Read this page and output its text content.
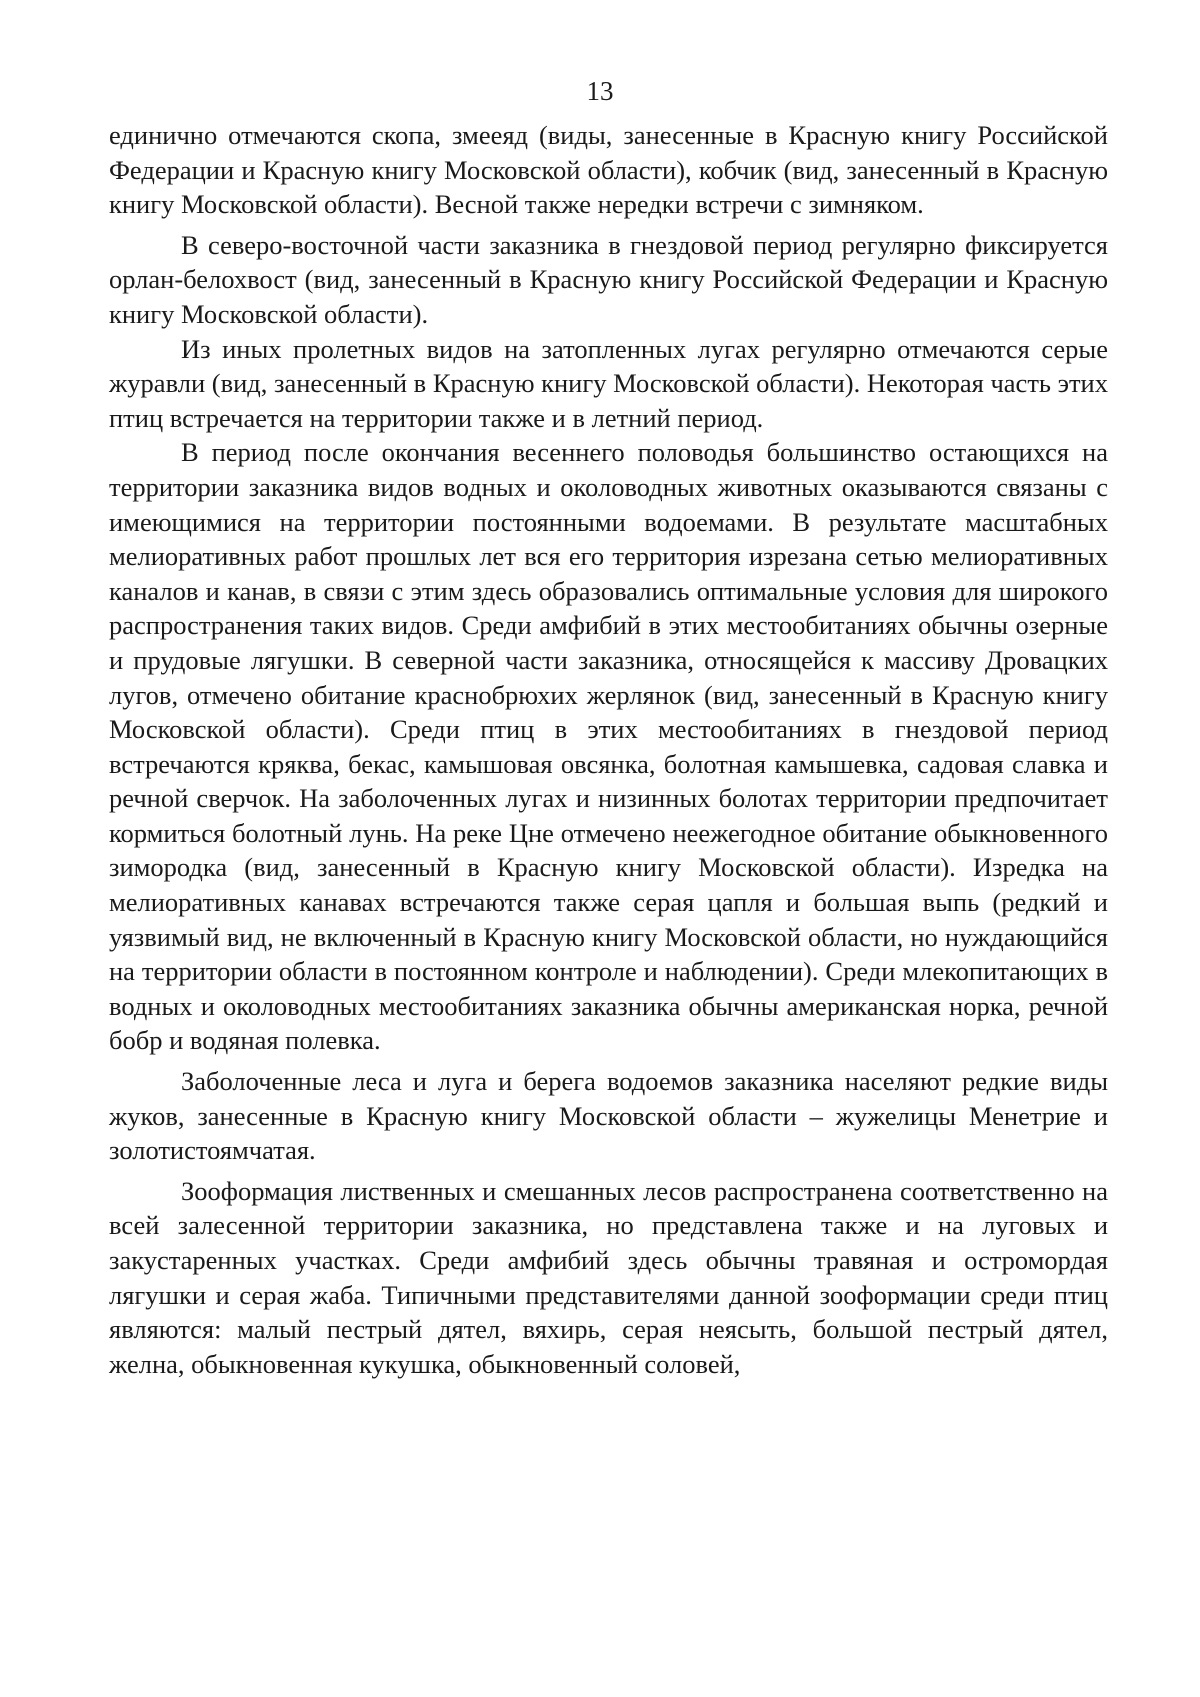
13

единично отмечаются скопа, змееяд (виды, занесенные в Красную книгу Российской Федерации и Красную книгу Московской области), кобчик (вид, занесенный в Красную книгу Московской области). Весной также нередки встречи с зимняком.

В северо-восточной части заказника в гнездовой период регулярно фиксируется орлан-белохвост (вид, занесенный в Красную книгу Российской Федерации и Красную книгу Московской области).

Из иных пролетных видов на затопленных лугах регулярно отмечаются серые журавли (вид, занесенный в Красную книгу Московской области). Некоторая часть этих птиц встречается на территории также и в летний период.

В период после окончания весеннего половодья большинство остающихся на территории заказника видов водных и околоводных животных оказываются связаны с имеющимися на территории постоянными водоемами. В результате масштабных мелиоративных работ прошлых лет вся его территория изрезана сетью мелиоративных каналов и канав, в связи с этим здесь образовались оптимальные условия для широкого распространения таких видов. Среди амфибий в этих местообитаниях обычны озерные и прудовые лягушки. В северной части заказника, относящейся к массиву Дровацких лугов, отмечено обитание краснобрюхих жерлянок (вид, занесенный в Красную книгу Московской области). Среди птиц в этих местообитаниях в гнездовой период встречаются кряква, бекас, камышовая овсянка, болотная камышевка, садовая славка и речной сверчок. На заболоченных лугах и низинных болотах территории предпочитает кормиться болотный лунь. На реке Цне отмечено неежегодное обитание обыкновенного зимородка (вид, занесенный в Красную книгу Московской области). Изредка на мелиоративных канавах встречаются также серая цапля и большая выпь (редкий и уязвимый вид, не включенный в Красную книгу Московской области, но нуждающийся на территории области в постоянном контроле и наблюдении). Среди млекопитающих в водных и околоводных местообитаниях заказника обычны американская норка, речной бобр и водяная полевка.

Заболоченные леса и луга и берега водоемов заказника населяют редкие виды жуков, занесенные в Красную книгу Московской области – жужелицы Менетрие и золотистоямчатая.

Зооформация лиственных и смешанных лесов распространена соответственно на всей залесенной территории заказника, но представлена также и на луговых и закустаренных участках. Среди амфибий здесь обычны травяная и остромордая лягушки и серая жаба. Типичными представителями данной зооформации среди птиц являются: малый пестрый дятел, вяхирь, серая неясыть, большой пестрый дятел, желна, обыкновенная кукушка, обыкновенный соловей,
